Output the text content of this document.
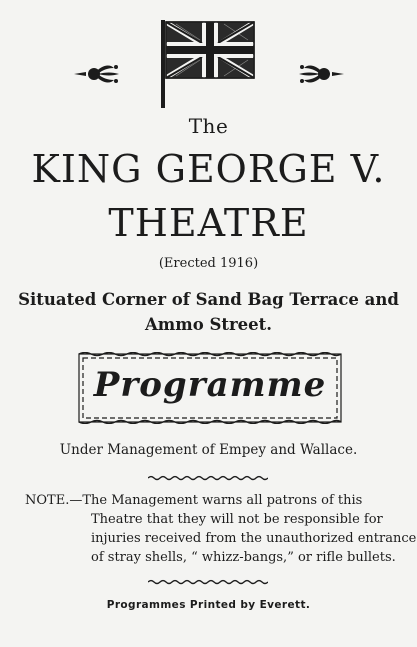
The
KING GEORGE V.
THEATRE
(Erected 1916)
Situated Corner of Sand Bag Terrace and
Ammo Street.
Programme
Under Management of Empey and Wallace.
NOTE.—The Management warns all patrons of this
Theatre that they will not be responsible for
injuries received from the unauthorized entrance
of stray shells, “ whizz-bangs,” or rifle bullets.
Programmes Printed by Everett.
